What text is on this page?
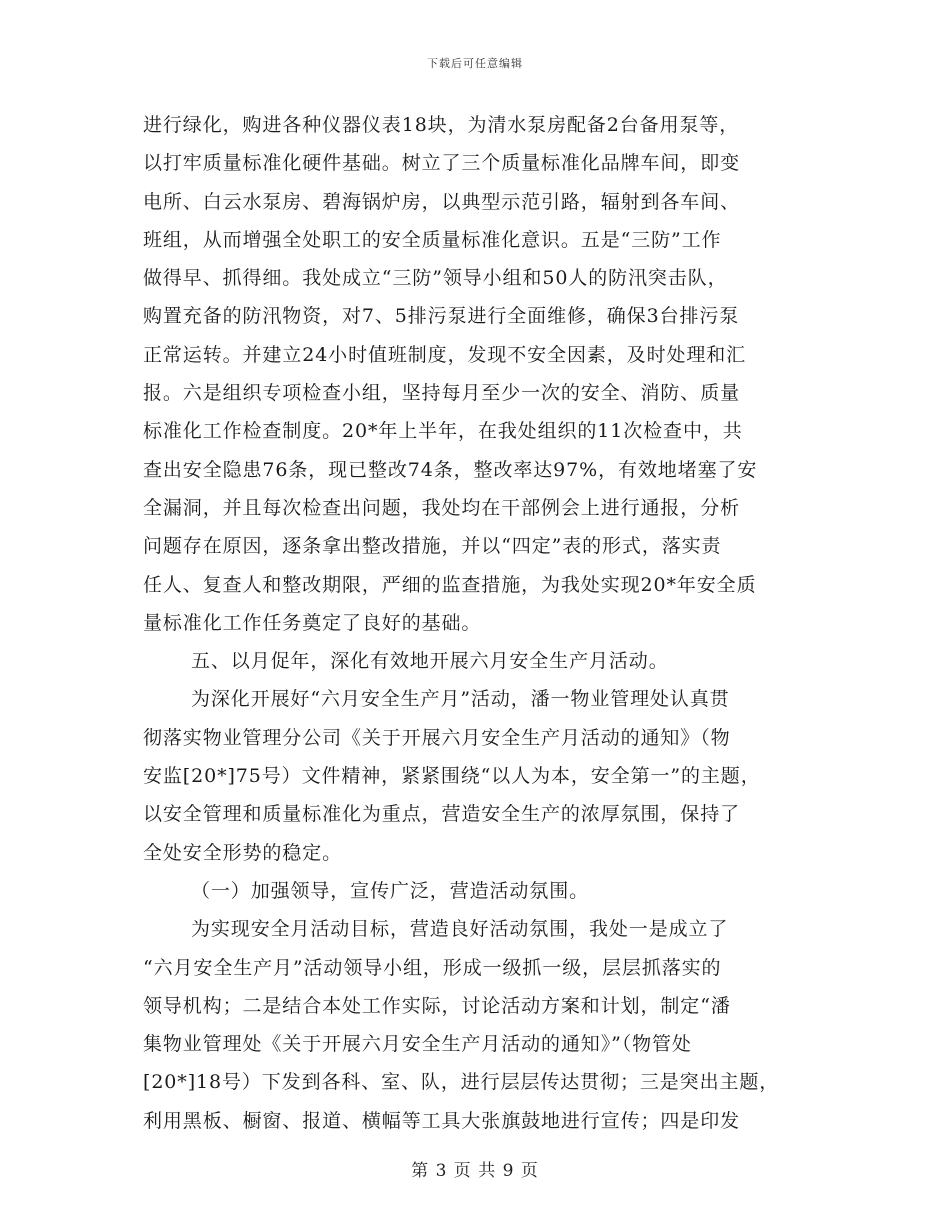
下载后可任意编辑
进行绿化，购进各种仪器仪表18块，为清水泵房配备2台备用泵等，
以打牢质量标准化硬件基础。树立了三个质量标准化品牌车间，即变
电所、白云水泵房、碧海锅炉房，以典型示范引路，辐射到各车间、
班组，从而增强全处职工的安全质量标准化意识。五是“三防”工作
做得早、抓得细。我处成立“三防”领导小组和50人的防汛突击队，
购置充备的防汛物资，对7、5排污泵进行全面维修，确保3台排污泵
正常运转。并建立24小时值班制度，发现不安全因素，及时处理和汇
报。六是组织专项检查小组，坚持每月至少一次的安全、消防、质量
标准化工作检查制度。20*年上半年，在我处组织的11次检查中，共
查出安全隐患76条，现已整改74条，整改率达97%，有效地堵塞了安
全漏洞，并且每次检查出问题，我处均在干部例会上进行通报，分析
问题存在原因，逐条拿出整改措施，并以“四定”表的形式，落实责
任人、复查人和整改期限，严细的监查措施，为我处实现20*年安全质
量标准化工作任务奠定了良好的基础。
五、以月促年，深化有效地开展六月安全生产月活动。
为深化开展好“六月安全生产月”活动，潘一物业管理处认真贯
彻落实物业管理分公司《关于开展六月安全生产月活动的通知》（物
安监[20*]75号）文件精神，紧紧围绕“以人为本，安全第一”的主题，
以安全管理和质量标准化为重点，营造安全生产的浓厚氛围，保持了
全处安全形势的稳定。
（一）加强领导，宣传广泛，营造活动氛围。
为实现安全月活动目标，营造良好活动氛围，我处一是成立了
“六月安全生产月”活动领导小组，形成一级抓一级，层层抓落实的
领导机构；二是结合本处工作实际，讨论活动方案和计划，制定“潘
集物业管理处《关于开展六月安全生产月活动的通知》”（物管处
[20*]18号）下发到各科、室、队，进行层层传达贯彻；三是突出主题，
利用黑板、橱窗、报道、横幅等工具大张旗鼓地进行宣传；四是印发
第 3 页 共 9 页
